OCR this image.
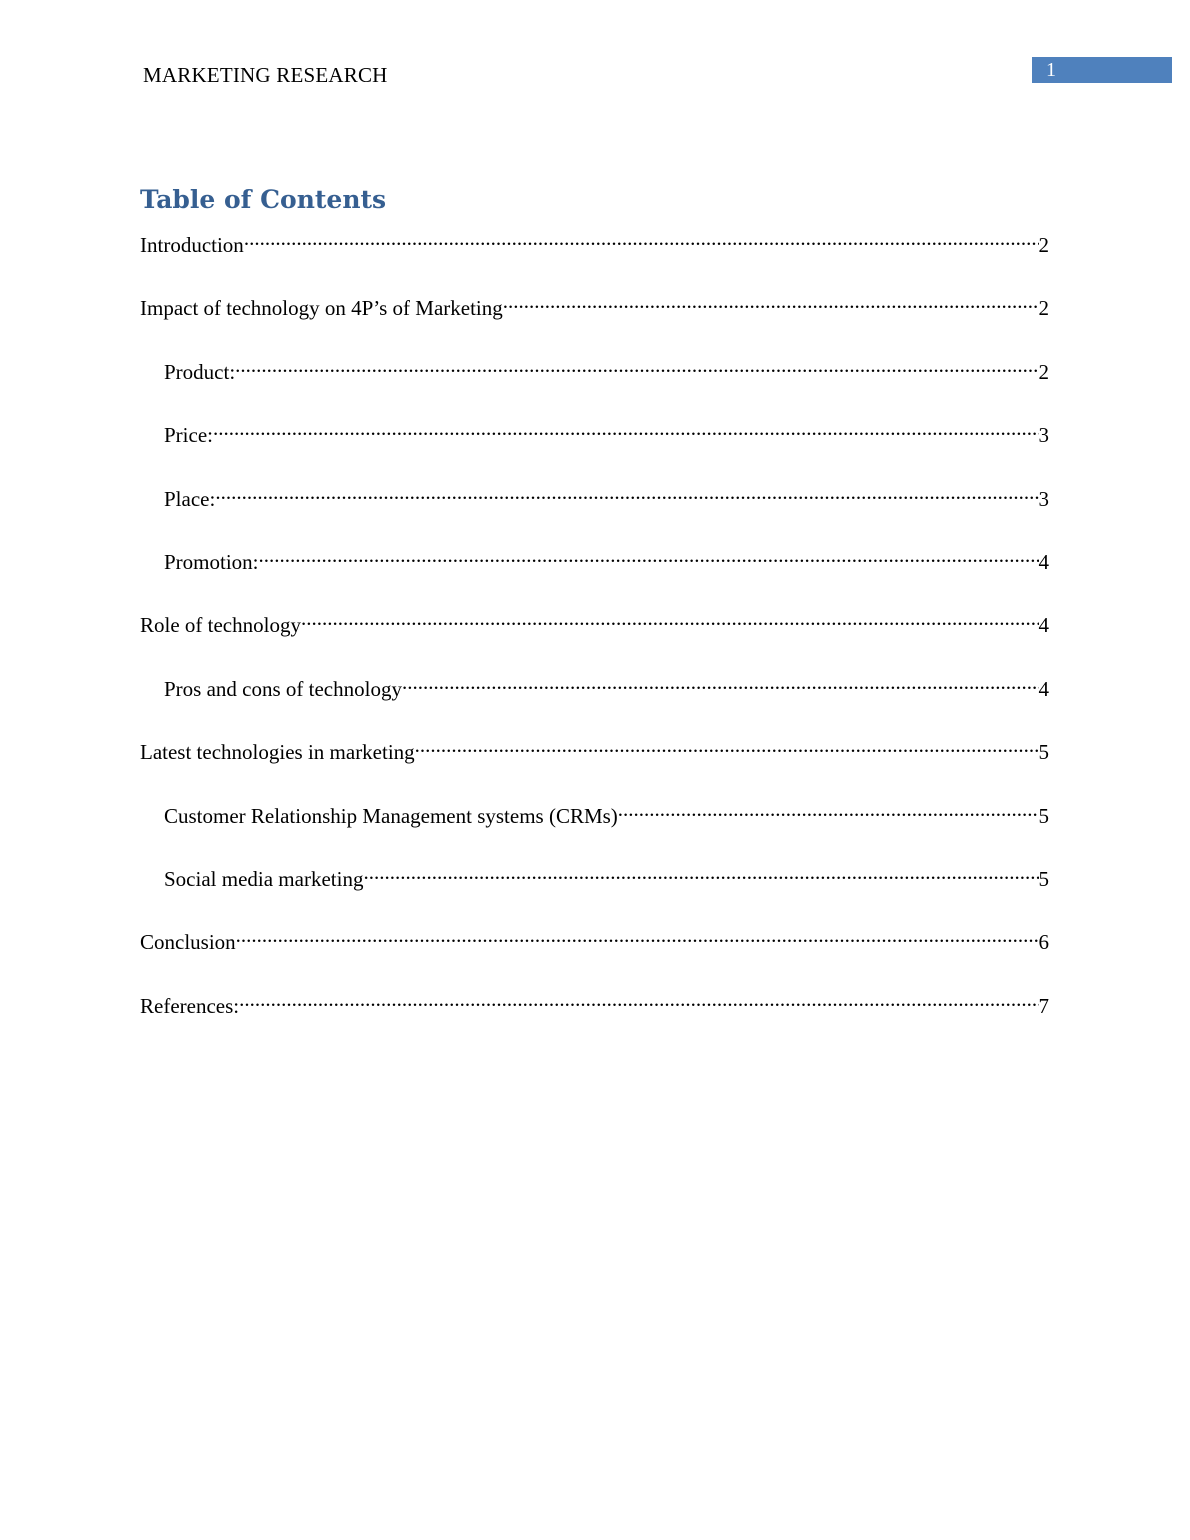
MARKETING RESEARCH	1
Table of Contents
Introduction .....	2
Impact of technology on 4P’s of Marketing .....	2
Product: .....	2
Price: .....	3
Place: .....	3
Promotion: .....	4
Role of technology .....	4
Pros and cons of technology .....	4
Latest technologies in marketing .....	5
Customer Relationship Management systems (CRMs) .....	5
Social media marketing .....	5
Conclusion .....	6
References: .....	7
